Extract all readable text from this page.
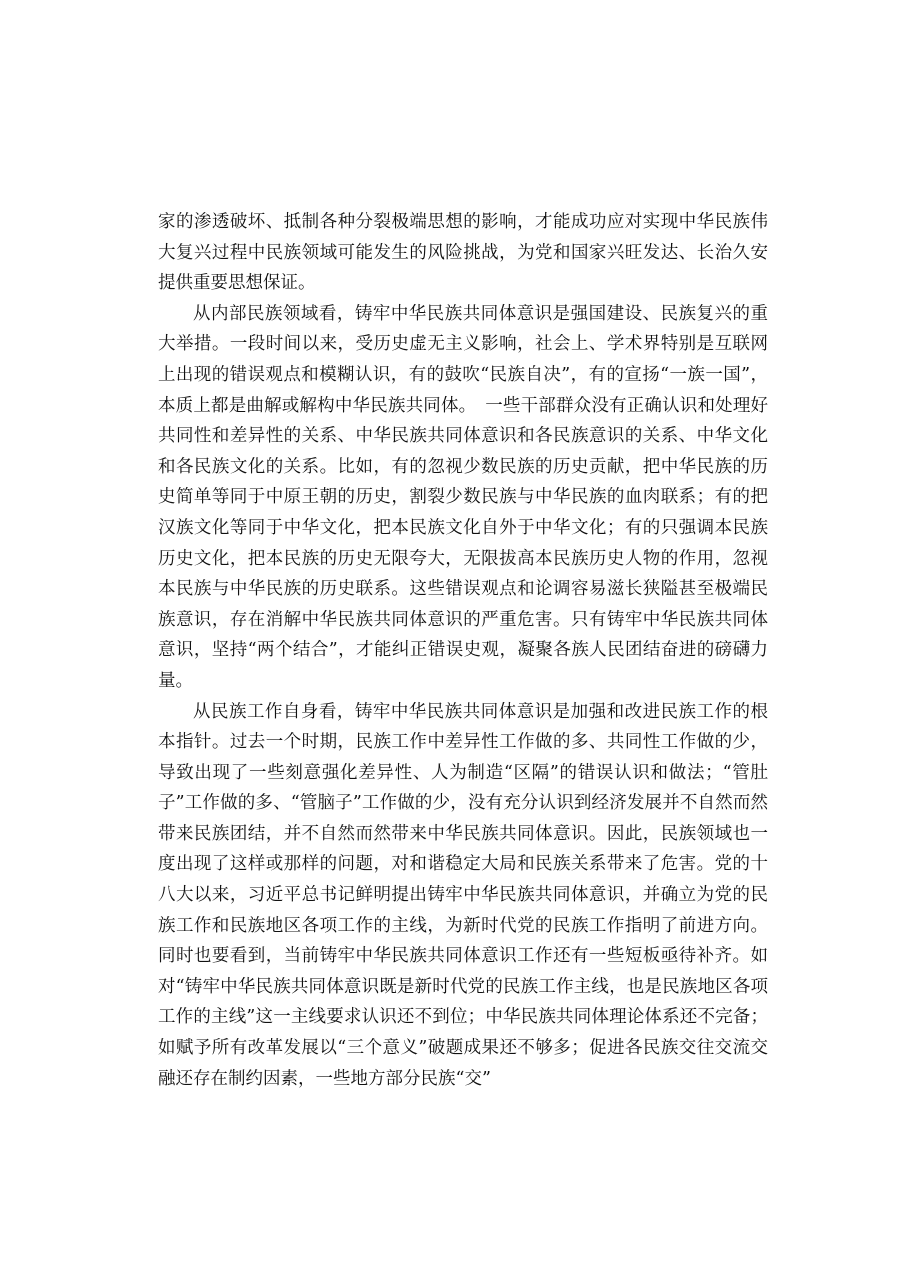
家的渗透破坏、抵制各种分裂极端思想的影响，才能成功应对实现中华民族伟大复兴过程中民族领域可能发生的风险挑战，为党和国家兴旺发达、长治久安提供重要思想保证。

从内部民族领域看，铸牢中华民族共同体意识是强国建设、民族复兴的重大举措。一段时间以来，受历史虚无主义影响，社会上、学术界特别是互联网上出现的错误观点和模糊认识，有的鼓吹“民族自决”，有的宣扬“一族一国”，本质上都是曲解或解构中华民族共同体。　一些干部群众没有正确认识和处理好共同性和差异性的关系、中华民族共同体意识和各民族意识的关系、中华文化和各民族文化的关系。比如，有的忽视少数民族的历史贡献，把中华民族的历史简单等同于中原王朝的历史，割裂少数民族与中华民族的血肉联系；有的把汉族文化等同于中华文化，把本民族文化自外于中华文化；有的只强调本民族历史文化，把本民族的历史无限夸大，无限拔高本民族历史人物的作用，忽视本民族与中华民族的历史联系。这些错误观点和论调容易滋长狭隘甚至极端民族意识，存在消解中华民族共同体意识的严重危害。只有铸牢中华民族共同体意识，坚持“两个结合”，才能纠正错误史观，凝聚各族人民团结奋进的磅礴力量。

从民族工作自身看，铸牢中华民族共同体意识是加强和改进民族工作的根本指针。过去一个时期，民族工作中差异性工作做的多、共同性工作做的少，导致出现了一些刻意强化差异性、人为制造“区隔”的错误认识和做法；“管肚子”工作做的多、“管脑子”工作做的少，没有充分认识到经济发展并不自然而然带来民族团结，并不自然而然带来中华民族共同体意识。因此，民族领域也一度出现了这样或那样的问题，对和谐稳定大局和民族关系带来了危害。党的十八大以来，习近平总书记鲜明提出铸牢中华民族共同体意识，并确立为党的民族工作和民族地区各项工作的主线，为新时代党的民族工作指明了前进方向。同时也要看到，当前铸牢中华民族共同体意识工作还有一些短板亟待补齐。如对“铸牢中华民族共同体意识既是新时代党的民族工作主线，也是民族地区各项工作的主线”这一主线要求认识还不到位；中华民族共同体理论体系还不完备；如赋予所有改革发展以“三个意义”破题成果还不够多；促进各民族交往交流交融还存在制约因素，一些地方部分民族“交”
